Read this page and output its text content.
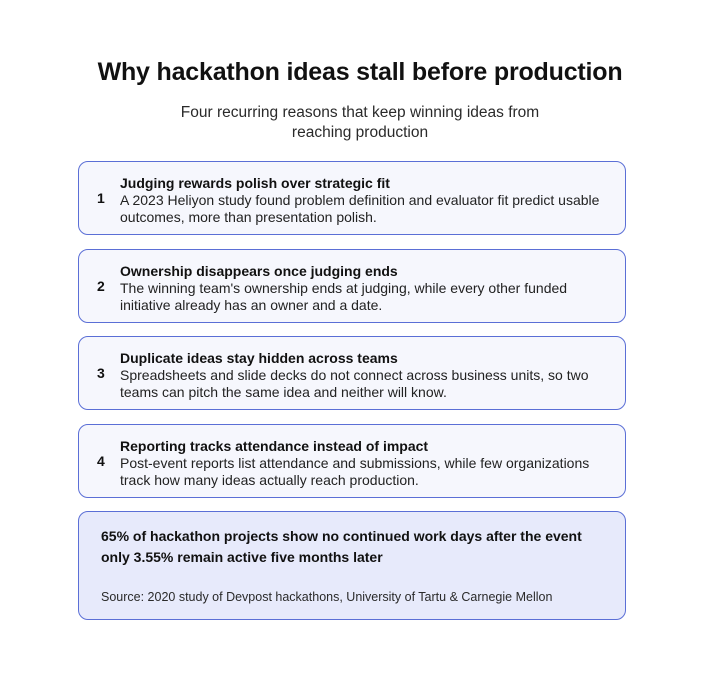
Why hackathon ideas stall before production
Four recurring reasons that keep winning ideas from reaching production
1
Judging rewards polish over strategic fit
A 2023 Heliyon study found problem definition and evaluator fit predict usable outcomes, more than presentation polish.
2
Ownership disappears once judging ends
The winning team's ownership ends at judging, while every other funded initiative already has an owner and a date.
3
Duplicate ideas stay hidden across teams
Spreadsheets and slide decks do not connect across business units, so two teams can pitch the same idea and neither will know.
4
Reporting tracks attendance instead of impact
Post-event reports list attendance and submissions, while few organizations track how many ideas actually reach production.
65% of hackathon projects show no continued work days after the event
only 3.55% remain active five months later
Source: 2020 study of Devpost hackathons, University of Tartu & Carnegie Mellon
